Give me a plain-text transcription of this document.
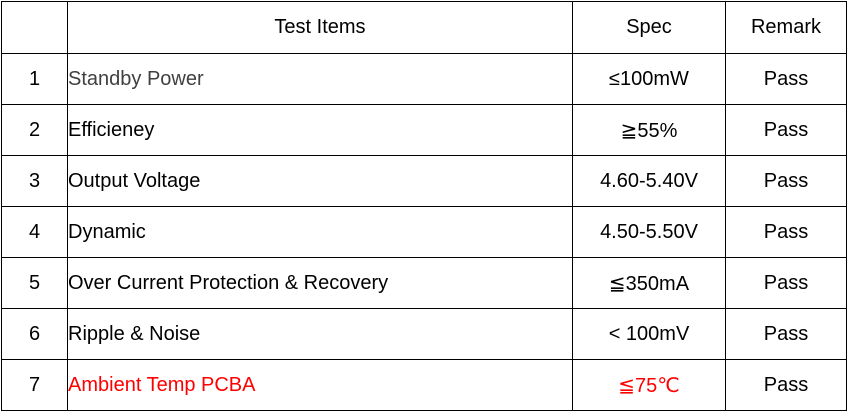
	Test Items	Spec	Remark
1	Standby Power	≤100mW	Pass
2	Efficieney	≧55%	Pass
3	Output Voltage	4.60-5.40V	Pass
4	Dynamic	4.50-5.50V	Pass
5	Over Current Protection & Recovery	≦350mA	Pass
6	Ripple & Noise	< 100mV	Pass
7	Ambient Temp PCBA	≦75℃	Pass
